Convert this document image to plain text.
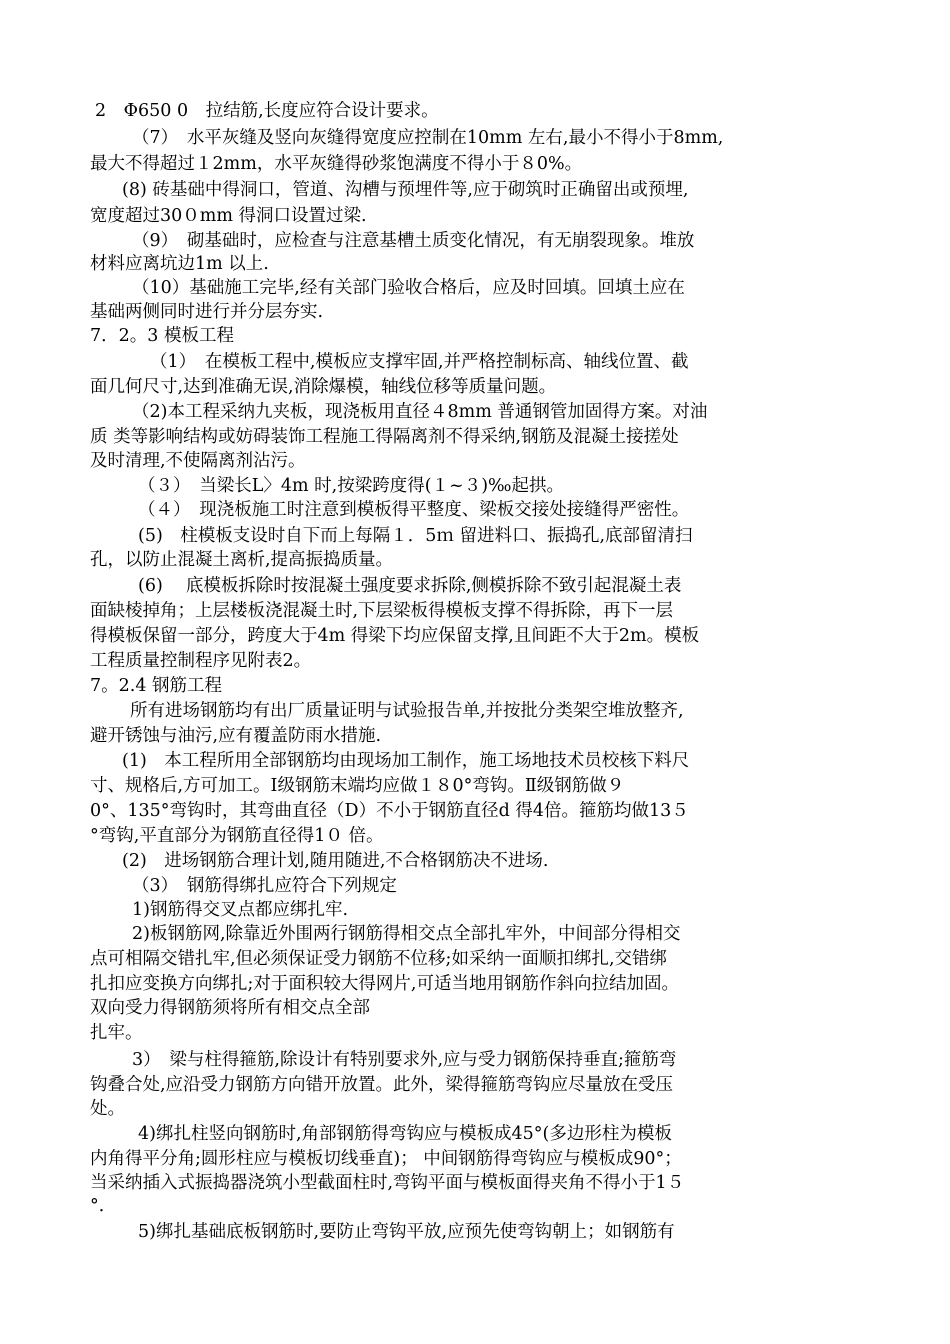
2　Φ650 0　拉结筋,长度应符合设计要求。
（7）　水平灰缝及竖向灰缝得宽度应控制在10mm 左右,最小不得小于8mm,
最大不得超过１2mm，水平灰缝得砂浆饱满度不得小于８0%。
(8) 砖基础中得洞口，管道、沟槽与预埋件等,应于砌筑时正确留出或预埋,
宽度超过30０mm 得洞口设置过梁.
（9）　砌基础时，应检查与注意基槽土质变化情况，有无崩裂现象。堆放
材料应离坑边1m 以上.
（10）基础施工完毕,经有关部门验收合格后，应及时回填。回填土应在
基础两侧同时进行并分层夯实.
7．2。3 模板工程
（1）　在模板工程中,模板应支撑牢固,并严格控制标高、轴线位置、截
面几何尺寸,达到准确无误,消除爆模，轴线位移等质量问题。
（2)本工程采纳九夹板，现浇板用直径４8mm 普通钢管加固得方案。对油
质 类等影响结构或妨碍装饰工程施工得隔离剂不得采纳,钢筋及混凝土接搓处
及时清理,不使隔离剂沾污。
（３）　当梁长L〉4m 时,按梁跨度得(１~３)‰起拱。
（４）　现浇板施工时注意到模板得平整度、梁板交接处接缝得严密性。
(5)　柱模板支设时自下而上每隔１．5ｍ 留进料口、振捣孔,底部留清扫
孔，以防止混凝土离析,提高振捣质量。
(6)　 底模板拆除时按混凝土强度要求拆除,侧模拆除不致引起混凝土表
面缺棱掉角；上层楼板浇混凝土时,下层梁板得模板支撑不得拆除，再下一层
得模板保留一部分，跨度大于4m 得梁下均应保留支撑,且间距不大于2m。模板
工程质量控制程序见附表2。
7。2.4 钢筋工程
所有进场钢筋均有出厂质量证明与试验报告单,并按批分类架空堆放整齐,
避开锈蚀与油污,应有覆盖防雨水措施.
(1)　本工程所用全部钢筋均由现场加工制作，施工场地技术员校核下料尺
寸、规格后,方可加工。Ⅰ级钢筋末端均应做１８0°弯钩。Ⅱ级钢筋做９
0°、135°弯钩时，其弯曲直径（D）不小于钢筋直径d 得4倍。箍筋均做13５
°弯钩,平直部分为钢筋直径得1０ 倍。
(2)　进场钢筋合理计划,随用随进,不合格钢筋决不进场.
（3）　钢筋得绑扎应符合下列规定
1)钢筋得交叉点都应绑扎牢.
2)板钢筋网,除靠近外围两行钢筋得相交点全部扎牢外，中间部分得相交
点可相隔交错扎牢,但必须保证受力钢筋不位移;如采纳一面顺扣绑扎,交错绑
扎扣应变换方向绑扎;对于面积较大得网片,可适当地用钢筋作斜向拉结加固。
双向受力得钢筋须将所有相交点全部
扎牢。
3）　梁与柱得箍筋,除设计有特别要求外,应与受力钢筋保持垂直;箍筋弯
钩叠合处,应沿受力钢筋方向错开放置。此外，梁得箍筋弯钩应尽量放在受压
处。
4)绑扎柱竖向钢筋时,角部钢筋得弯钩应与模板成45°(多边形柱为模板
内角得平分角;圆形柱应与模板切线垂直)； 中间钢筋得弯钩应与模板成90°；
当采纳插入式振捣器浇筑小型截面柱时,弯钩平面与模板面得夹角不得小于1５
°．
5)绑扎基础底板钢筋时,要防止弯钩平放,应预先使弯钩朝上；如钢筋有
